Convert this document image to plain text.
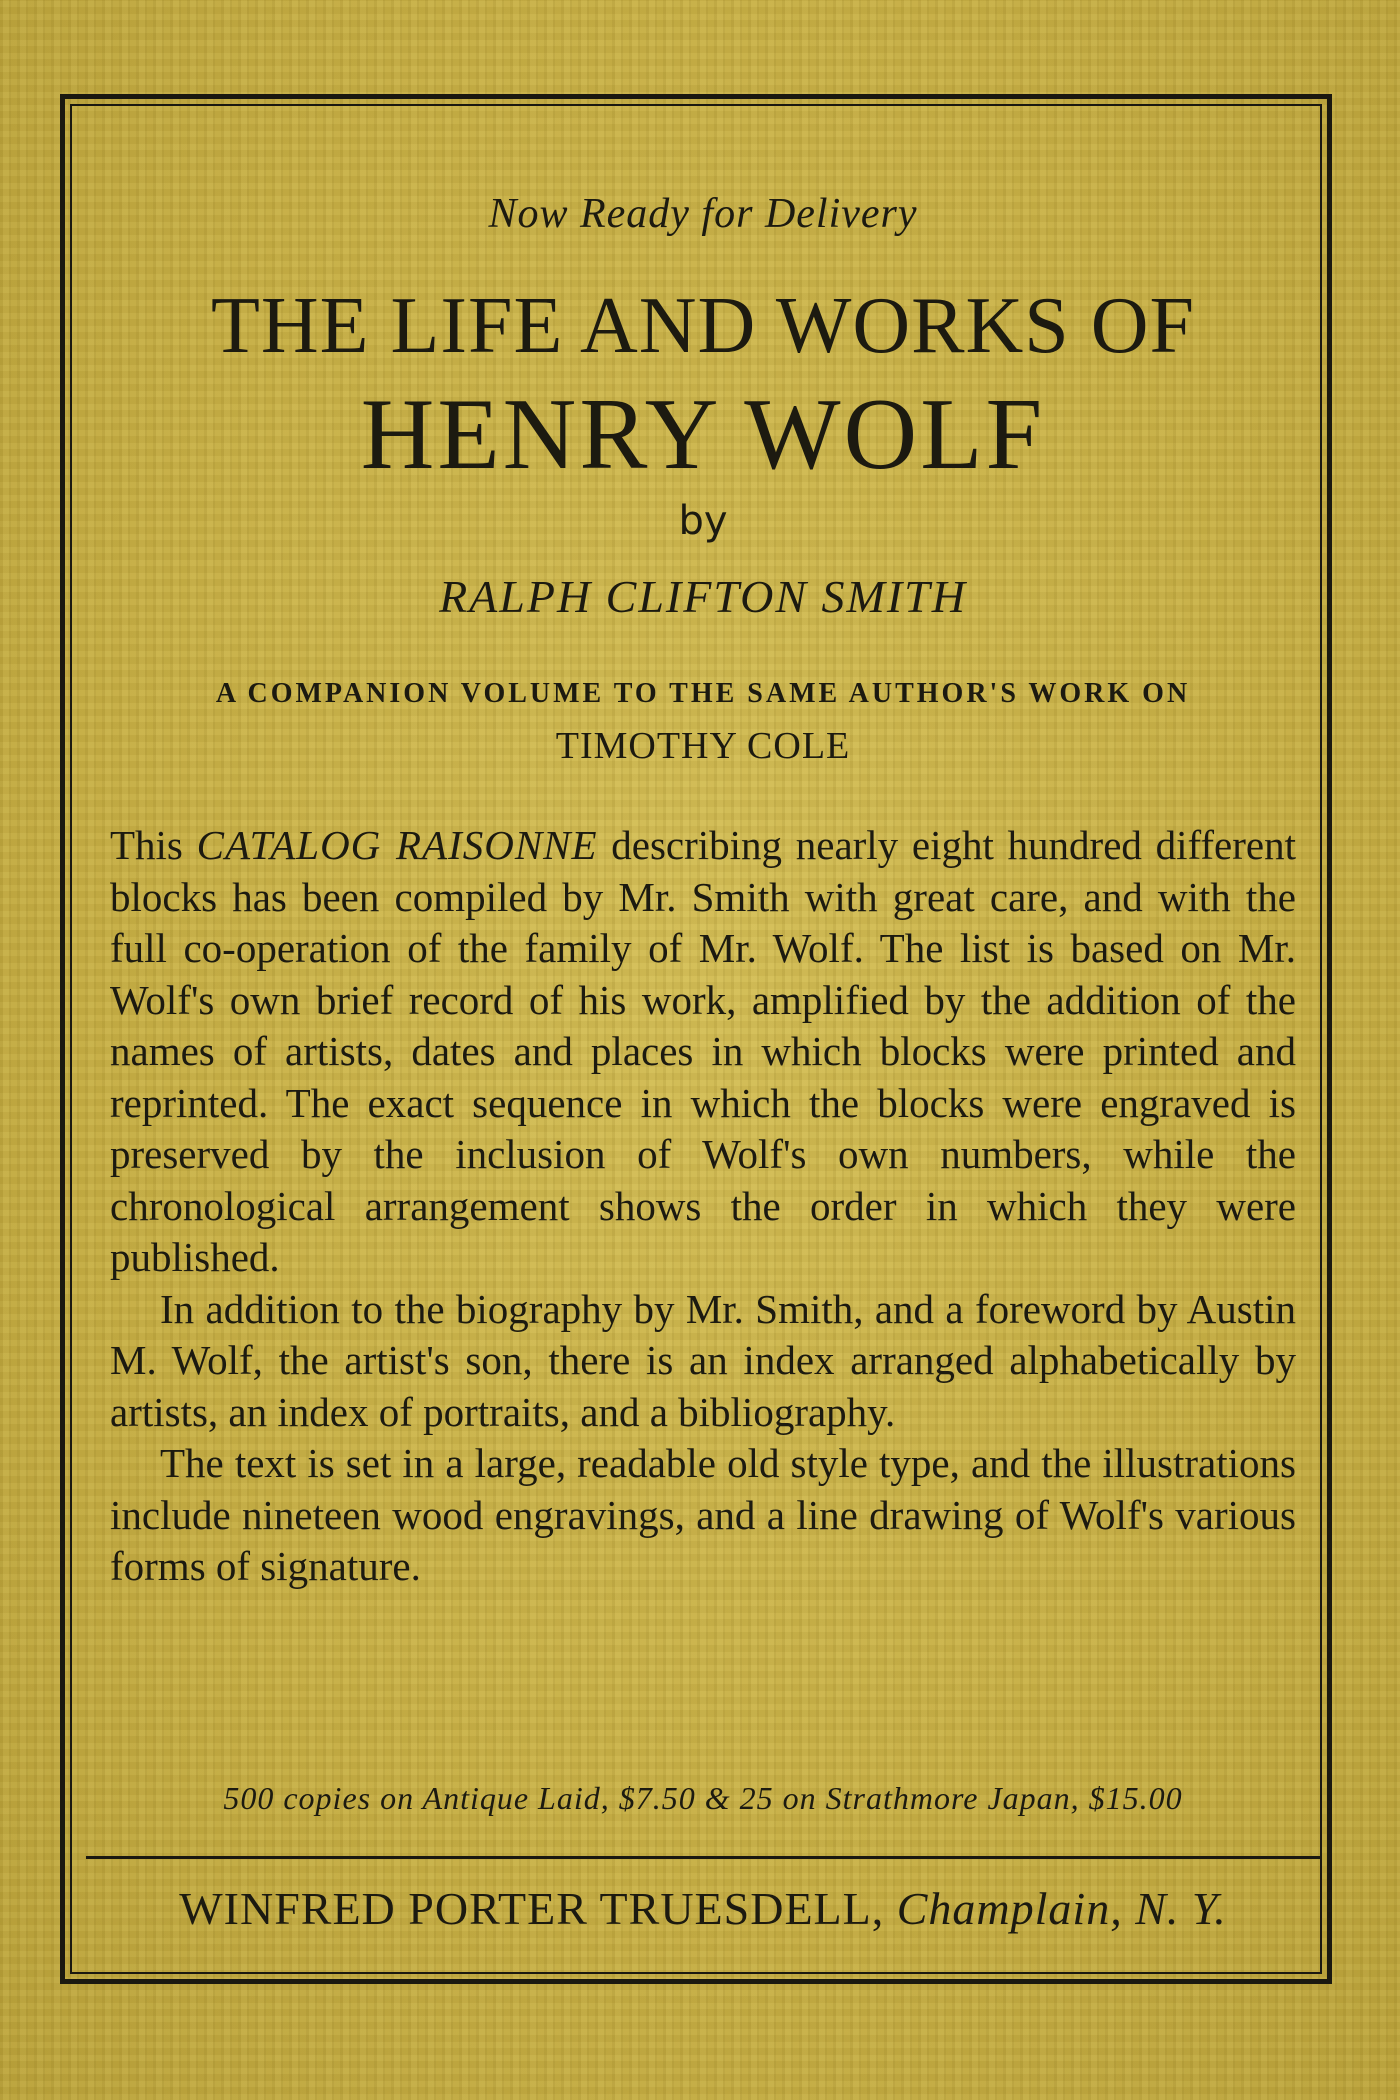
Now Ready for Delivery
THE LIFE AND WORKS OF
HENRY WOLF
by
RALPH CLIFTON SMITH
A COMPANION VOLUME TO THE SAME AUTHOR'S WORK ON
TIMOTHY COLE

This CATALOG RAISONNE describing nearly eight hundred different blocks has been compiled by Mr. Smith with great care, and with the full co-operation of the family of Mr. Wolf. The list is based on Mr. Wolf's own brief record of his work, amplified by the addition of the names of artists, dates and places in which blocks were printed and reprinted. The exact sequence in which the blocks were engraved is preserved by the inclusion of Wolf's own numbers, while the chronological arrangement shows the order in which they were published.

In addition to the biography by Mr. Smith, and a foreword by Austin M. Wolf, the artist's son, there is an index arranged alphabetically by artists, an index of portraits, and a bibliography.

The text is set in a large, readable old style type, and the illustrations include nineteen wood engravings, and a line drawing of Wolf's various forms of signature.

500 copies on Antique Laid, $7.50 & 25 on Strathmore Japan, $15.00
WINFRED PORTER TRUESDELL, Champlain, N. Y.
